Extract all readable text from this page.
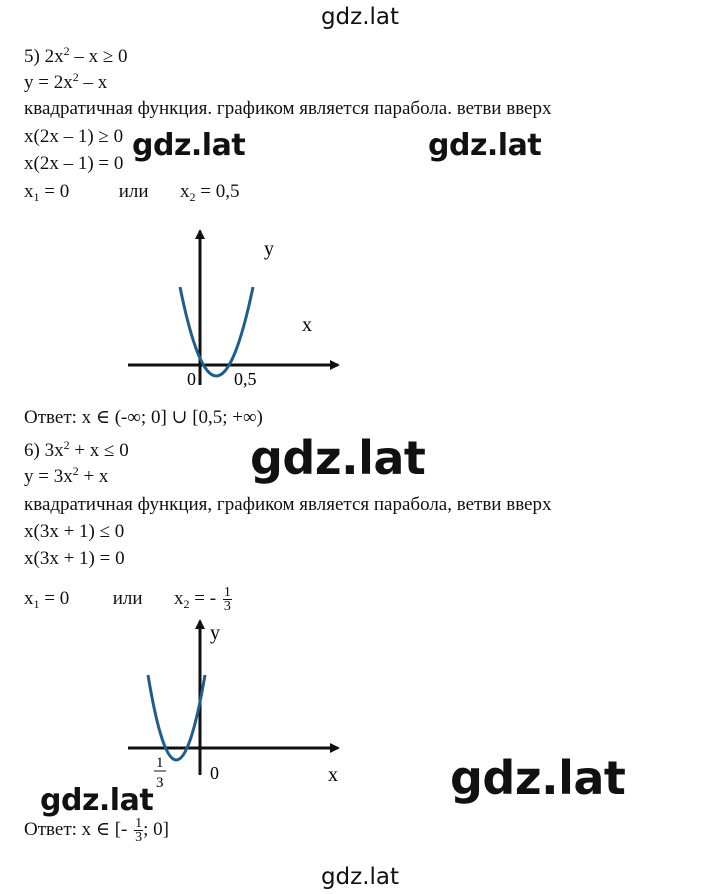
gdz.lat
5) $2x^2 - x \ge 0$
$y = 2x^2 - x$
квадратичная функция. графиком является парабола. ветви вверх
x(2x – 1) ≥ 0
x(2x – 1) = 0
$x_1 = 0$	или $x_2 = 0,5$
y
x
0 0,5
Ответ: x ∈ (-∞; 0] ∪ [0,5; +∞)
6) $3x^2 + x \le 0$
$y = 3x^2 + x$
квадратичная функция, графиком является парабола, ветви вверх
x(3x + 1) ≤ 0
x(3x + 1) = 0
$x_1 = 0$ или $x_2$ = - $\frac{1}{3}$
y
x
0
1
3
Ответ: x ∈ [- $\frac{1}{3}$ ; 0]
gdz.lat	gdz.lat
gdz.lat
gdz.lat	gdz.lat
gdz.lat
